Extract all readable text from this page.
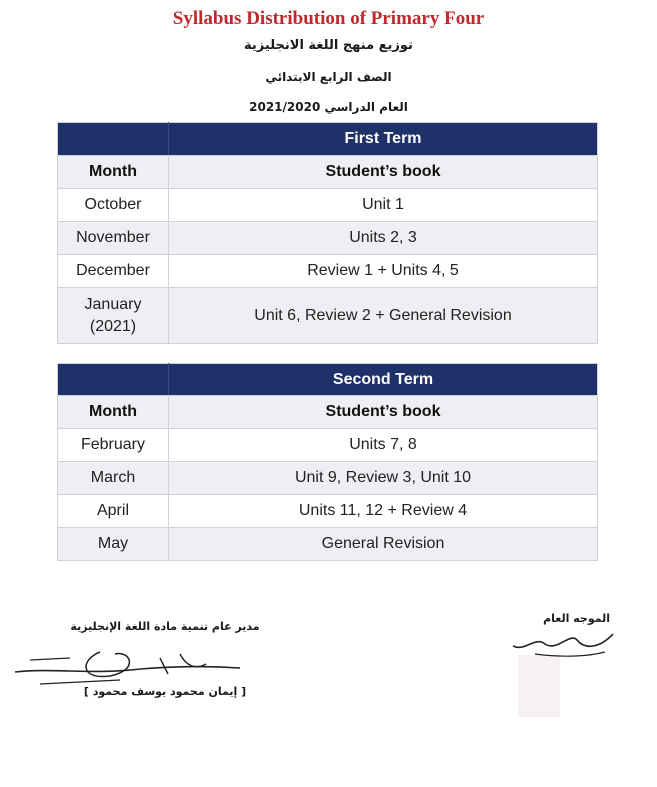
Syllabus Distribution of Primary Four
توزيع منهج اللغة الانجليزية
الصف الرابع الابتدائي
العام الدراسي 2021/2020
	First Term
Month	Student’s book
October	Unit 1
November	Units 2, 3
December	Review 1 + Units 4, 5

January
(2021)	Unit 6, Review 2 + General Revision
	Second Term
Month	Student’s book
February	Units 7, 8
March	Unit 9, Review 3, Unit 10
April	Units 11, 12 + Review 4
May	General Revision
مدير عام تنمية مادة اللغة الإنجليزية
[ إيمان محمود يوسف محمود ]
الموجه العام
